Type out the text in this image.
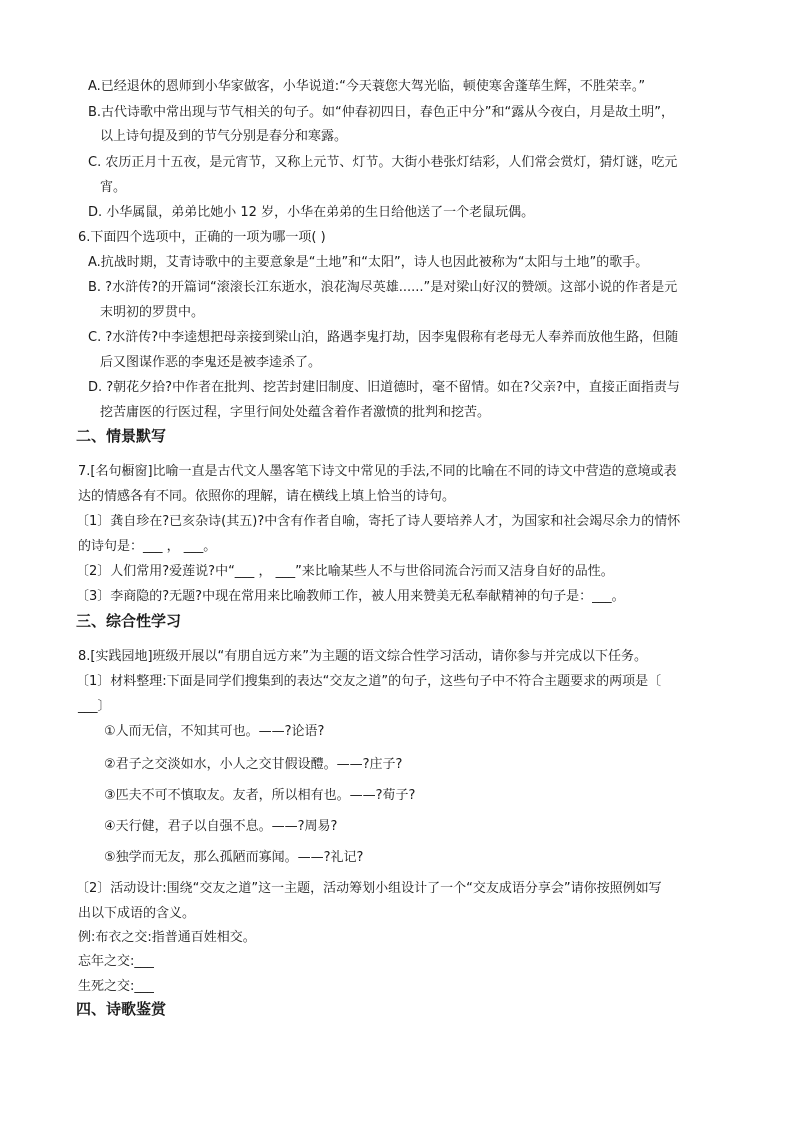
A.已经退休的恩师到小华家做客，小华说道:“今天蓑您大驾光临，顿使寒舍蓬荜生辉，不胜荣幸。”
B.古代诗歌中常出现与节气相关的句子。如“仲春初四日，春色正中分”和“露从今夜白，月是故土明”，
以上诗句提及到的节气分别是春分和寒露。
C. 农历正月十五夜，是元宵节，又称上元节、灯节。大街小巷张灯结彩，人们常会赏灯，猜灯谜，吃元
宵。
D. 小华属鼠，弟弟比她小 12 岁，小华在弟弟的生日给他送了一个老鼠玩偶。
6.下面四个选项中，正确的一项为哪一项( )
A.抗战时期，艾青诗歌中的主要意象是“土地”和“太阳”，诗人也因此被称为“太阳与土地”的歌手。
B. ?水浒传?的开篇词“滚滚长江东逝水，浪花淘尽英雄......”是对梁山好汉的赞颂。这部小说的作者是元
末明初的罗贯中。
C. ?水浒传?中李逵想把母亲接到梁山泊，路遇李鬼打劫，因李鬼假称有老母无人奉养而放他生路，但随
后又图谋作恶的李鬼还是被李逵杀了。
D. ?朝花夕拾?中作者在批判、挖苦封建旧制度、旧道德时，毫不留情。如在?父亲?中，直接正面指责与
挖苦庸医的行医过程，字里行间处处蕴含着作者激愤的批判和挖苦。
二、情景默写
7.[名句橱窗]比喻一直是古代文人墨客笔下诗文中常见的手法,不同的比喻在不同的诗文中营造的意境或表
达的情感各有不同。依照你的理解，请在横线上填上恰当的诗句。
〔1〕龚自珍在?已亥杂诗(其五)?中含有作者自喻，寄托了诗人要培养人才，为国家和社会竭尽余力的情怀
的诗句是：___ ， ___。
〔2〕人们常用?爱莲说?中“___ ， ___”来比喻某些人不与世俗同流合污而又洁身自好的品性。
〔3〕李商隐的?无题?中现在常用来比喻教师工作，被人用来赞美无私奉献精神的句子是：___。
三、综合性学习
8.[实践园地]班级开展以“有朋自远方来”为主题的语文综合性学习活动，请你参与并完成以下任务。
〔1〕材料整理:下面是同学们搜集到的表达“交友之道”的句子，这些句子中不符合主题要求的两项是〔
___〕
①人而无信，不知其可也。——?论语?
②君子之交淡如水，小人之交甘假设醴。——?庄子?
③匹夫不可不慎取友。友者，所以相有也。——?荀子?
④天行健，君子以自强不息。——?周易?
⑤独学而无友，那么孤陋而寡闻。——?礼记?
〔2〕活动设计:围绕“交友之道”这一主题，活动筹划小组设计了一个“交友成语分享会”请你按照例如写
出以下成语的含义。
例:布衣之交:指普通百姓相交。
忘年之交:___
生死之交:___
四、诗歌鉴赏
